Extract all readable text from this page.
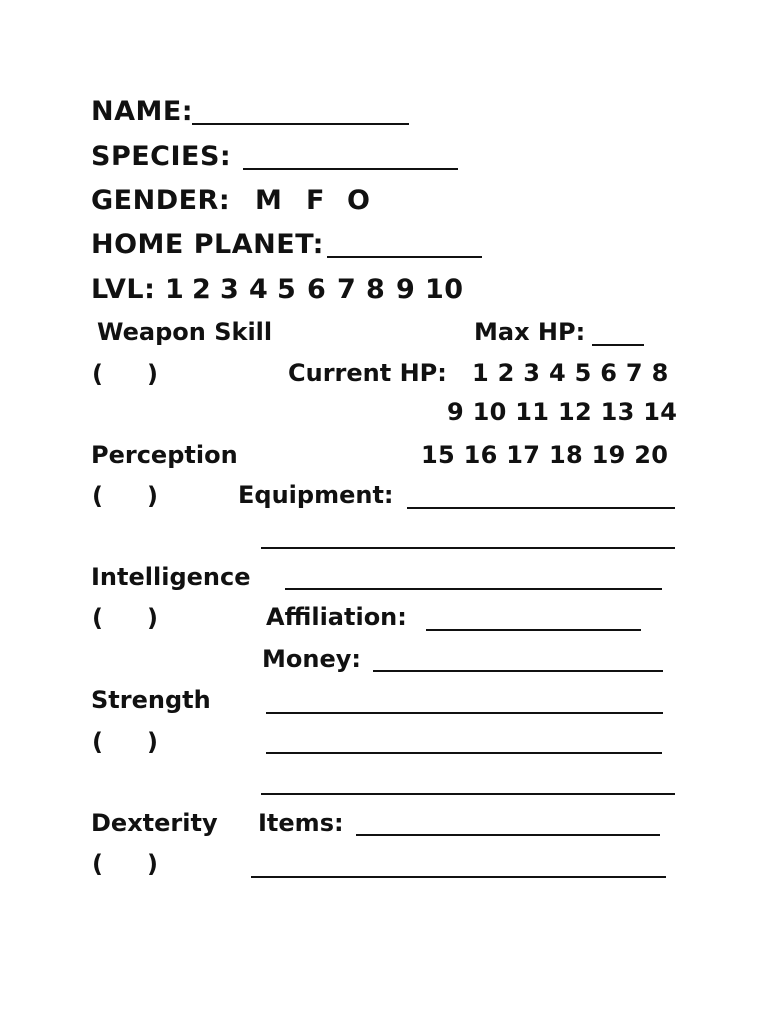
NAME:
SPECIES:
GENDER: M F O
HOME PLANET:
LVL: 1 2 3 4 5 6 7 8 9 10
Weapon Skill	Max HP:
( )	Current HP: 1 2 3 4 5 6 7 8
9 10 11 12 13 14
Perception	15 16 17 18 19 20
( )	Equipment:
Intelligence
( )	Affiliation:
Money:
Strength
( )
Dexterity Items:
( )
